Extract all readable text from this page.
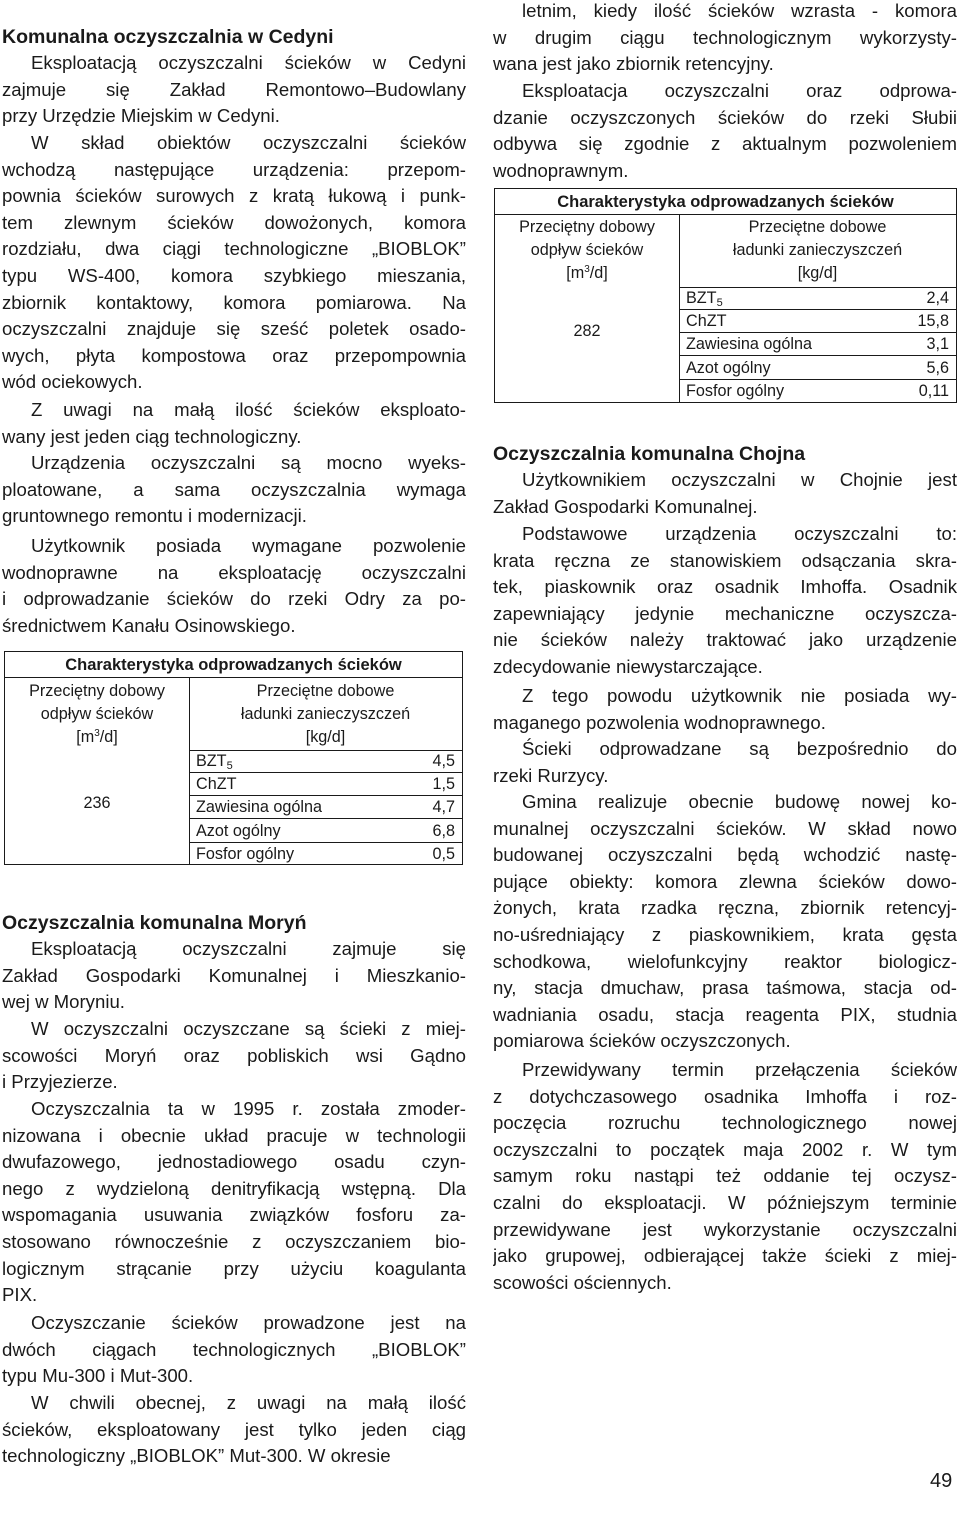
Komunalna oczyszczalnia w Cedyni
Eksploatacją oczyszczalni ścieków w Cedyni
zajmuje się Zakład Remontowo–Budowlany
przy Urzędzie Miejskim w Cedyni.
W skład obiektów oczyszczalni ścieków
wchodzą następujące urządzenia: przepom-
pownia ścieków surowych z kratą łukową i punk-
tem zlewnym ścieków dowożonych, komora
rozdziału, dwa ciągi technologiczne „BIOBLOK”
typu WS-400, komora szybkiego mieszania,
zbiornik kontaktowy, komora pomiarowa. Na
oczyszczalni znajduje się sześć poletek osado-
wych, płyta kompostowa oraz przepompownia
wód ociekowych.
Z uwagi na małą ilość ścieków eksploato-
wany jest jeden ciąg technologiczny.
Urządzenia oczyszczalni są mocno wyeks-
ploatowane, a sama oczyszczalnia wymaga
gruntownego remontu i modernizacji.
Użytkownik posiada wymagane pozwolenie
wodnoprawne na eksploatację oczyszczalni
i odprowadzanie ścieków do rzeki Odry za po-
średnictwem Kanału Osinowskiego.
Charakterystyka odprowadzanych ścieków
Przeciętny dobowy
odpływ ścieków
$[m^3/d]$
Przeciętne dobowe
ładunki zanieczyszczeń
[kg/d]
236
$BZT_5$	4,5
ChZT	1,5
Zawiesina ogólna	4,7
Azot ogólny	6,8
Fosfor ogólny	0,5
Oczyszczalnia komunalna Moryń
Eksploatacją oczyszczalni zajmuje się
Zakład Gospodarki Komunalnej i Mieszkanio-
wej w Moryniu.
W oczyszczalni oczyszczane są ścieki z miej-
scowości Moryń oraz pobliskich wsi Gądno
i Przyjezierze.
Oczyszczalnia ta w 1995 r. została zmoder-
nizowana i obecnie układ pracuje w technologii
dwufazowego, jednostadiowego osadu czyn-
nego z wydzieloną denitryfikacją wstępną. Dla
wspomagania usuwania związków fosforu za-
stosowano równocześnie z oczyszczaniem bio-
logicznym strącanie przy użyciu koagulanta
PIX.
Oczyszczanie ścieków prowadzone jest na
dwóch ciągach technologicznych „BIOBLOK”
typu Mu-300 i Mut-300.
W chwili obecnej, z uwagi na małą ilość
ścieków, eksploatowany jest tylko jeden ciąg
technologiczny „BIOBLOK” Mut-300. W okresie
letnim, kiedy ilość ścieków wzrasta - komora
w drugim ciągu technologicznym wykorzysty-
wana jest jako zbiornik retencyjny.
Eksploatacja oczyszczalni oraz odprowa-
dzanie oczyszczonych ścieków do rzeki Słubii
odbywa się zgodnie z aktualnym pozwoleniem
wodnoprawnym.
Charakterystyka odprowadzanych ścieków
Przeciętny dobowy
odpływ ścieków
$[m^3/d]$
Przeciętne dobowe
ładunki zanieczyszczeń
[kg/d]
282
$BZT_5$	2,4
ChZT	15,8
Zawiesina ogólna	3,1
Azot ogólny	5,6
Fosfor ogólny	0,11
Oczyszczalnia komunalna Chojna
Użytkownikiem oczyszczalni w Chojnie jest
Zakład Gospodarki Komunalnej.
Podstawowe urządzenia oczyszczalni to:
krata ręczna ze stanowiskiem odsączania skra-
tek, piaskownik oraz osadnik Imhoffa. Osadnik
zapewniający jedynie mechaniczne oczyszcza-
nie ścieków należy traktować jako urządzenie
zdecydowanie niewystarczające.
Z tego powodu użytkownik nie posiada wy-
maganego pozwolenia wodnoprawnego.
Ścieki odprowadzane są bezpośrednio do
rzeki Rurzycy.
Gmina realizuje obecnie budowę nowej ko-
munalnej oczyszczalni ścieków. W skład nowo
budowanej oczyszczalni będą wchodzić nastę-
pujące obiekty: komora zlewna ścieków dowo-
żonych, krata rzadka ręczna, zbiornik retencyj-
no-uśredniający z piaskownikiem, krata gęsta
schodkowa, wielofunkcyjny reaktor biologicz-
ny, stacja dmuchaw, prasa taśmowa, stacja od-
wadniania osadu, stacja reagenta PIX, studnia
pomiarowa ścieków oczyszczonych.
Przewidywany termin przełączenia ścieków
z dotychczasowego osadnika Imhoffa i roz-
poczęcia rozruchu technologicznego nowej
oczyszczalni to początek maja 2002 r. W tym
samym roku nastąpi też oddanie tej oczysz-
czalni do eksploatacji. W późniejszym terminie
przewidywane jest wykorzystanie oczyszczalni
jako grupowej, odbierającej także ścieki z miej-
scowości ościennych.
49
